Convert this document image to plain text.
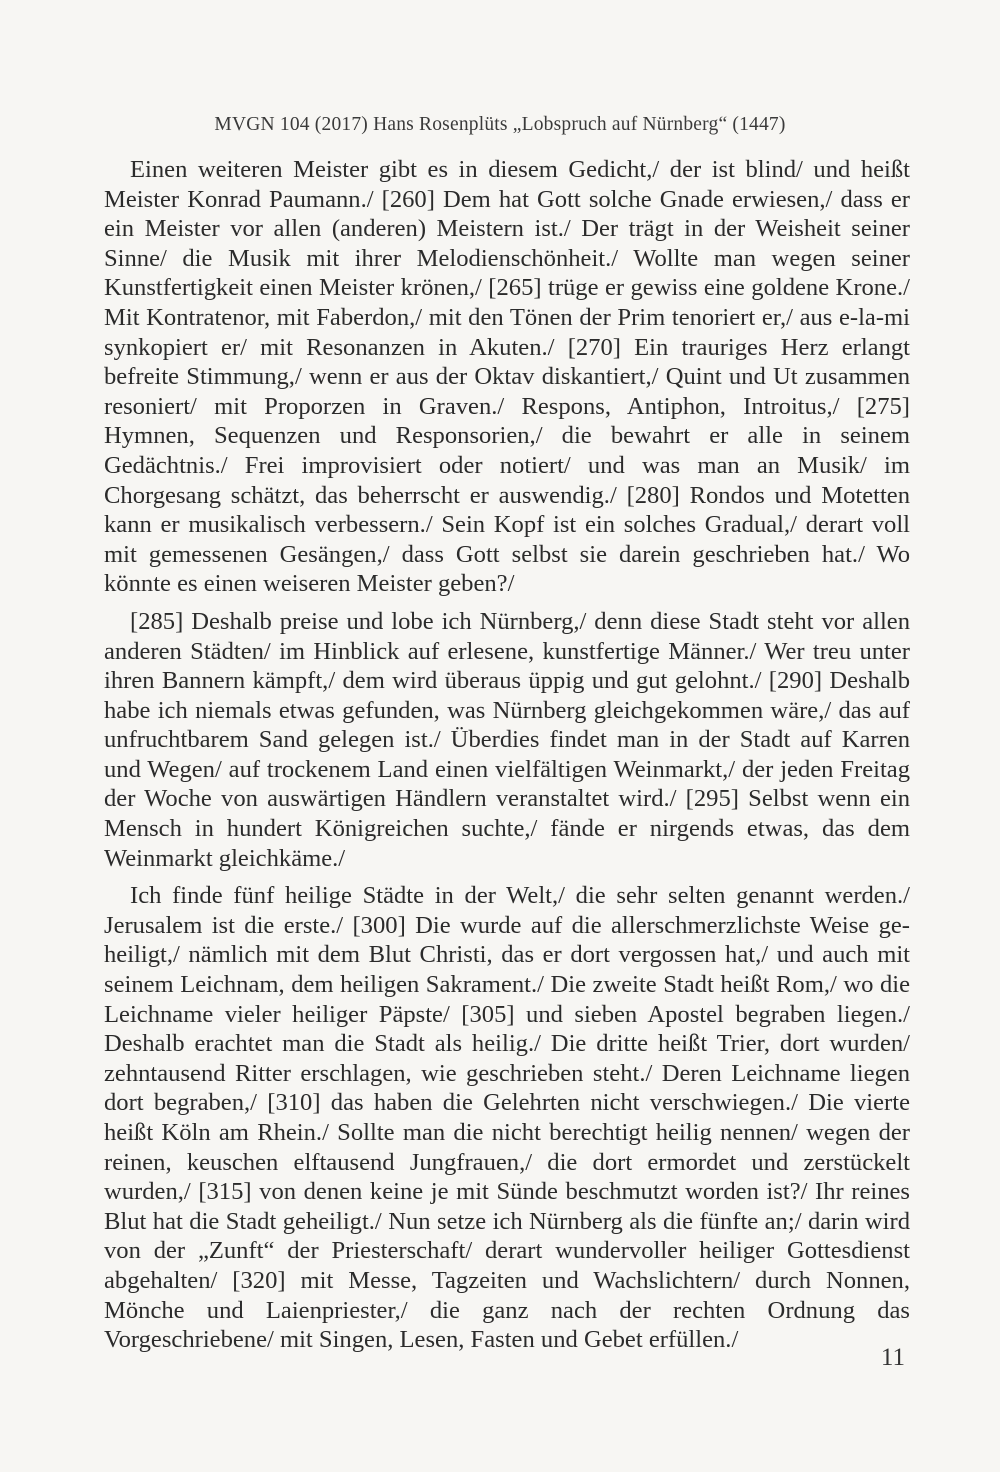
MVGN 104 (2017) Hans Rosenplüts „Lobspruch auf Nürnberg“ (1447)

Einen weiteren Meister gibt es in diesem Gedicht,/ der ist blind/ und heißt Meister Konrad Paumann./ [260] Dem hat Gott solche Gnade erwiesen,/ dass er ein Meister vor allen (anderen) Meistern ist./ Der trägt in der Weisheit seiner Sinne/ die Musik mit ihrer Melodienschönheit./ Wollte man wegen seiner Kunstfertigkeit einen Meister krönen,/ [265] trüge er gewiss eine goldene Krone./ Mit Kontratenor, mit Faberdon,/ mit den Tönen der Prim tenoriert er,/ aus e-la-mi synkopiert er/ mit Resonanzen in Akuten./ [270] Ein trauriges Herz erlangt befreite Stimmung,/ wenn er aus der Oktav diskantiert,/ Quint und Ut zusammen resoniert/ mit Proporzen in Graven./ Respons, Antiphon, Introitus,/ [275] Hymnen, Sequenzen und Responsorien,/ die bewahrt er alle in seinem Gedächtnis./ Frei improvisiert oder notiert/ und was man an Musik/ im Chorgesang schätzt, das beherrscht er auswendig./ [280] Rondos und Motetten kann er musikalisch verbessern./ Sein Kopf ist ein solches Gradual,/ derart voll mit gemessenen Gesängen,/ dass Gott selbst sie darein geschrieben hat./ Wo könnte es einen weiseren Meister geben?/

[285] Deshalb preise und lobe ich Nürnberg,/ denn diese Stadt steht vor allen anderen Städten/ im Hinblick auf erlesene, kunstfertige Männer./ Wer treu unter ihren Bannern kämpft,/ dem wird überaus üppig und gut gelohnt./ [290] Deshalb habe ich niemals etwas gefunden, was Nürnberg gleichgekommen wäre,/ das auf unfruchtbarem Sand gelegen ist./ Überdies findet man in der Stadt auf Karren und Wegen/ auf trockenem Land einen vielfältigen Weinmarkt,/ der jeden Freitag der Woche von auswärtigen Händlern veranstaltet wird./ [295] Selbst wenn ein Mensch in hundert Königreichen suchte,/ fände er nirgends etwas, das dem Weinmarkt gleichkäme./

Ich finde fünf heilige Städte in der Welt,/ die sehr selten genannt werden./ Jerusalem ist die erste./ [300] Die wurde auf die allerschmerzlichste Weise geheiligt,/ nämlich mit dem Blut Christi, das er dort vergossen hat,/ und auch mit seinem Leichnam, dem heiligen Sakrament./ Die zweite Stadt heißt Rom,/ wo die Leichname vieler heiliger Päpste/ [305] und sieben Apostel begraben liegen./ Deshalb erachtet man die Stadt als heilig./ Die dritte heißt Trier, dort wurden/ zehntausend Ritter erschlagen, wie geschrieben steht./ Deren Leichname liegen dort begraben,/ [310] das haben die Gelehrten nicht verschwiegen./ Die vierte heißt Köln am Rhein./ Sollte man die nicht berechtigt heilig nennen/ wegen der reinen, keuschen elftausend Jungfrauen,/ die dort ermordet und zerstückelt wurden,/ [315] von denen keine je mit Sünde beschmutzt worden ist?/ Ihr reines Blut hat die Stadt geheiligt./ Nun setze ich Nürnberg als die fünfte an;/ darin wird von der „Zunft“ der Priesterschaft/ derart wundervoller heiliger Gottesdienst abgehalten/ [320] mit Messe, Tagzeiten und Wachslichtern/ durch Nonnen, Mönche und Laienpriester,/ die ganz nach der rechten Ordnung das Vorgeschriebene/ mit Singen, Lesen, Fasten und Gebet erfüllen./

11
